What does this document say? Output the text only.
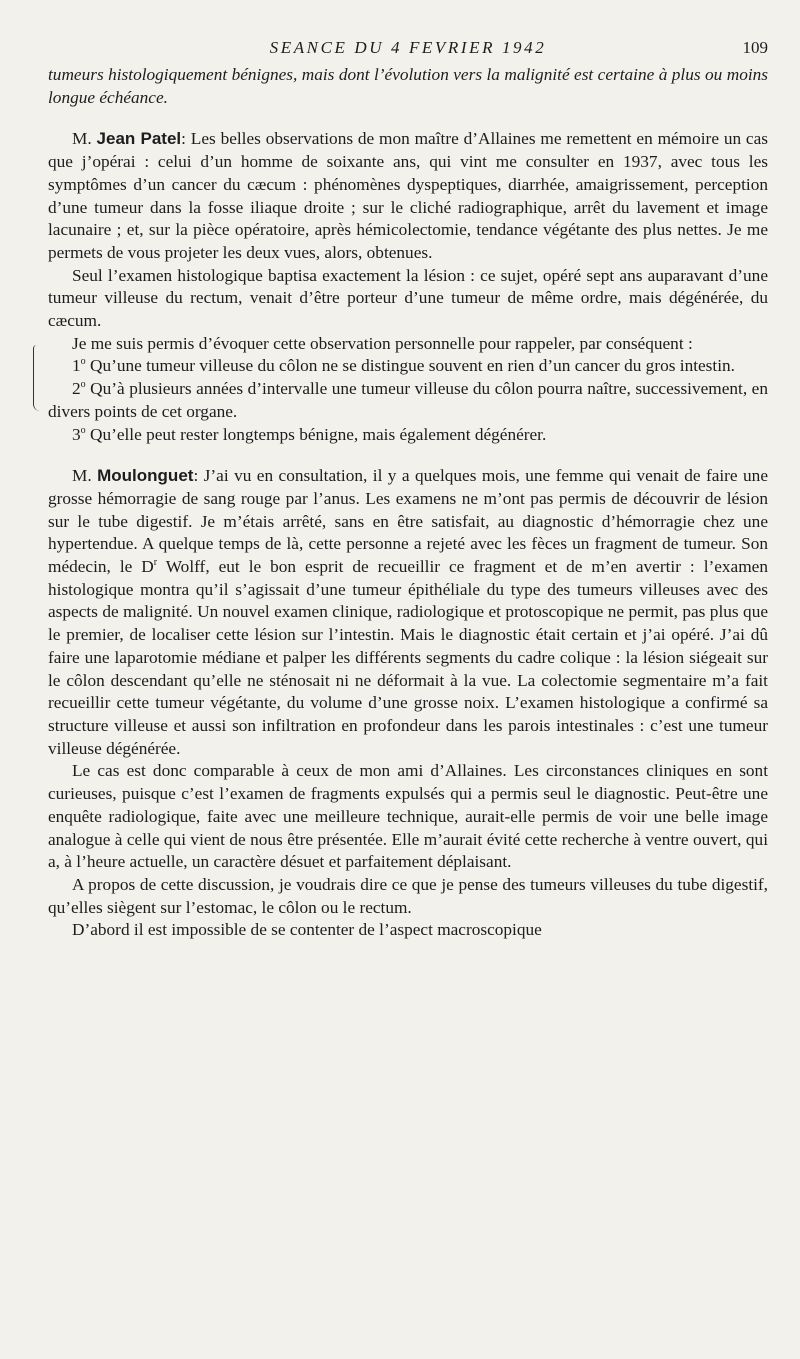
SEANCE DU 4 FEVRIER 1942	109

tumeurs histologiquement bénignes, mais dont l’évolution vers la malignité est certaine à plus ou moins longue échéance.

M. Jean Patel: Les belles observations de mon maître d’Allaines me remettent en mémoire un cas que j’opérai : celui d’un homme de soixante ans, qui vint me consulter en 1937, avec tous les symptômes d’un cancer du cæcum : phénomènes dyspeptiques, diarrhée, amaigrissement, perception d’une tumeur dans la fosse iliaque droite ; sur le cliché radiographique, arrêt du lavement et image lacunaire ; et, sur la pièce opératoire, après hémicolectomie, tendance végétante des plus nettes. Je me permets de vous projeter les deux vues, alors, obtenues.

Seul l’examen histologique baptisa exactement la lésion : ce sujet, opéré sept ans auparavant d’une tumeur villeuse du rectum, venait d’être porteur d’une tumeur de même ordre, mais dégénérée, du cæcum.

Je me suis permis d’évoquer cette observation personnelle pour rappeler, par conséquent :

1$^o$ Qu’une tumeur villeuse du côlon ne se distingue souvent en rien d’un cancer du gros intestin.

2$^o$ Qu’à plusieurs années d’intervalle une tumeur villeuse du côlon pourra naître, successivement, en divers points de cet organe.

3$^o$ Qu’elle peut rester longtemps bénigne, mais également dégénérer.

M. Moulonguet: J’ai vu en consultation, il y a quelques mois, une femme qui venait de faire une grosse hémorragie de sang rouge par l’anus. Les examens ne m’ont pas permis de découvrir de lésion sur le tube digestif. Je m’étais arrêté, sans en être satisfait, au diagnostic d’hémorragie chez une hypertendue. A quelque temps de là, cette personne a rejeté avec les fèces un fragment de tumeur. Son médecin, le $D^r$ Wolff, eut le bon esprit de recueillir ce fragment et de m’en avertir : l’examen histologique montra qu’il s’agissait d’une tumeur épithéliale du type des tumeurs villeuses avec des aspects de malignité. Un nouvel examen clinique, radiologique et protoscopique ne permit, pas plus que le premier, de localiser cette lésion sur l’intestin. Mais le diagnostic était certain et j’ai opéré. J’ai dû faire une laparotomie médiane et palper les différents segments du cadre colique : la lésion siégeait sur le côlon descendant qu’elle ne sténosait ni ne déformait à la vue. La colectomie segmentaire m’a fait recueillir cette tumeur végétante, du volume d’une grosse noix. L’examen histologique a confirmé sa structure villeuse et aussi son infiltration en profondeur dans les parois intestinales : c’est une tumeur villeuse dégénérée.

Le cas est donc comparable à ceux de mon ami d’Allaines. Les circonstances cliniques en sont curieuses, puisque c’est l’examen de fragments expulsés qui a permis seul le diagnostic. Peut-être une enquête radiologique, faite avec une meilleure technique, aurait-elle permis de voir une belle image analogue à celle qui vient de nous être présentée. Elle m’aurait évité cette recherche à ventre ouvert, qui a, à l’heure actuelle, un caractère désuet et parfaitement déplaisant.

A propos de cette discussion, je voudrais dire ce que je pense des tumeurs villeuses du tube digestif, qu’elles siègent sur l’estomac, le côlon ou le rectum.

D’abord il est impossible de se contenter de l’aspect macroscopique
